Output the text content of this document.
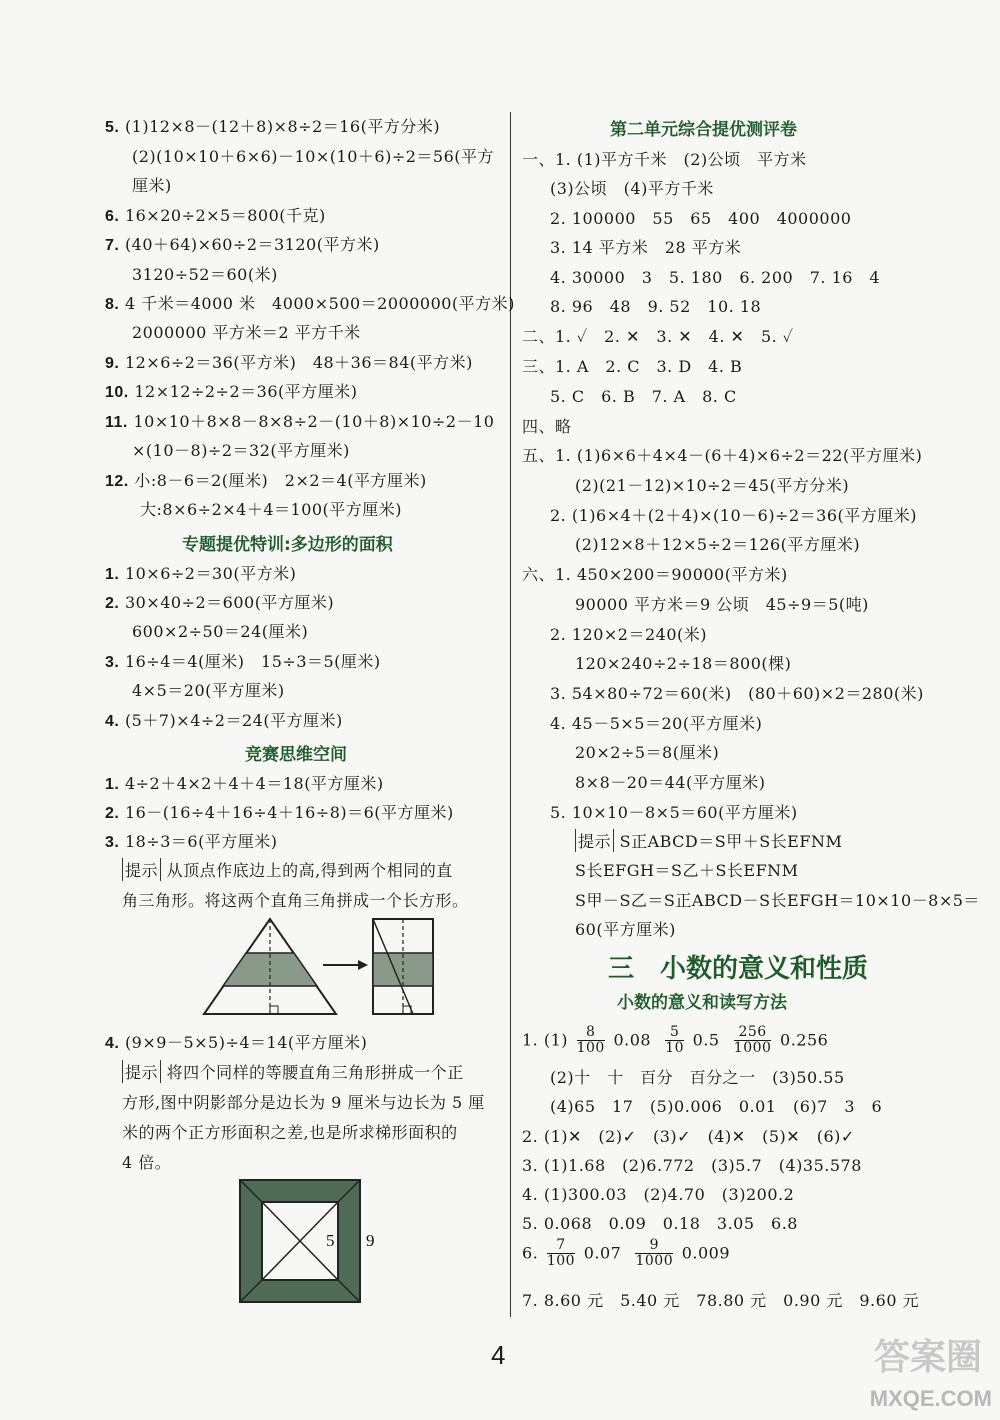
5. (1)12×8－(12＋8)×8÷2＝16(平方分米)
(2)(10×10＋6×6)－10×(10＋6)÷2＝56(平方
厘米)
6. 16×20÷2×5＝800(千克)
7. (40＋64)×60÷2＝3120(平方米)
3120÷52＝60(米)
8. 4 千米＝4000 米　4000×500＝2000000(平方米)
2000000 平方米＝2 平方千米
9. 12×6÷2＝36(平方米)　48＋36＝84(平方米)
10. 12×12÷2÷2＝36(平方厘米)
11. 10×10＋8×8－8×8÷2－(10＋8)×10÷2－10
×(10－8)÷2＝32(平方厘米)
12. 小:8－6＝2(厘米)　2×2＝4(平方厘米)
大:8×6÷2×4＋4＝100(平方厘米)
专题提优特训:多边形的面积
1. 10×6÷2＝30(平方米)
2. 30×40÷2＝600(平方厘米)
600×2÷50＝24(厘米)
3. 16÷4＝4(厘米)　15÷3＝5(厘米)
4×5＝20(平方厘米)
4. (5＋7)×4÷2＝24(平方厘米)
竞赛思维空间
1. 4÷2＋4×2＋4＋4＝18(平方厘米)
2. 16－(16÷4＋16÷4＋16÷8)＝6(平方厘米)
3. 18÷3＝6(平方厘米)
提示 从顶点作底边上的高,得到两个相同的直
角三角形。将这两个直角三角拼成一个长方形。
4. (9×9－5×5)÷4＝14(平方厘米)
提示 将四个同样的等腰直角三角形拼成一个正
方形,图中阴影部分是边长为 9 厘米与边长为 5 厘
米的两个正方形面积之差,也是所求梯形面积的
4 倍。
5 9
第二单元综合提优测评卷
一、1. (1)平方千米　(2)公顷　平方米
(3)公顷　(4)平方千米
2. 100000　55　65　400　4000000
3. 14 平方米　28 平方米
4. 30000　3　5. 180　6. 200　7. 16　4
8. 96　48　9. 52　10. 18
二、1. ✓　2. ✕　3. ✕　4. ✕　5. ✓
三、1. A　2. C　3. D　4. B
5. C　6. B　7. A　8. C
四、略
五、1. (1)6×6＋4×4－(6＋4)×6÷2＝22(平方厘米)
(2)(21－12)×10÷2＝45(平方分米)
2. (1)6×4＋(2＋4)×(10－6)÷2＝36(平方厘米)
(2)12×8＋12×5÷2＝126(平方厘米)
六、1. 450×200＝90000(平方米)
90000 平方米＝9 公顷　45÷9＝5(吨)
2. 120×2＝240(米)
120×240÷2÷18＝800(棵)
3. 54×80÷72＝60(米)　(80＋60)×2＝280(米)
4. 45－5×5＝20(平方厘米)
20×2÷5＝8(厘米)
8×8－20＝44(平方厘米)
5. 10×10－8×5＝60(平方厘米)
提示 S正ABCD＝S甲＋S长EFNM
S长EFGH＝S乙＋S长EFNM
S甲－S乙＝S正ABCD－S长EFGH＝10×10－8×5＝
60(平方厘米)
三　小数的意义和性质
小数的意义和读写方法
1. $(1) \frac{8}{100} 0.08 \frac{5}{10} 0.5 \frac{256}{1000} 0.256$
(2)十　十　百分　百分之一　(3)50.55
(4)65　17　(5)0.006　0.01　(6)7　3　6
2. (1)✕　(2)✓　(3)✓　(4)✕　(5)✕　(6)✓
3. (1)1.68　(2)6.772　(3)5.7　(4)35.578
4. (1)300.03　(2)4.70　(3)200.2
5. 0.068　0.09　0.18　3.05　6.8
6. $\frac{7}{100} 0.07 \frac{9}{1000} 0.009$
7. 8.60 元　5.40 元　78.80 元　0.90 元　9.60 元
4	答案圈
MXQE.COM
